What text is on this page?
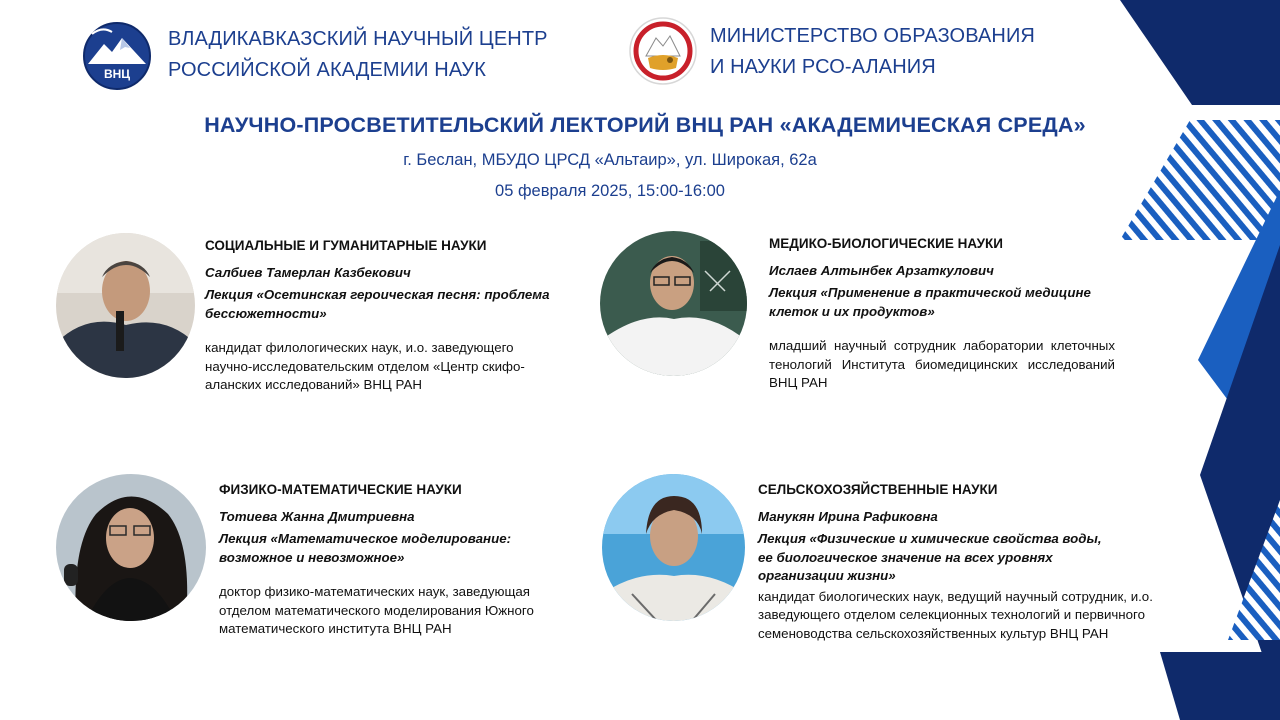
ВНЦ
ВЛАДИКАВКАЗСКИЙ НАУЧНЫЙ ЦЕНТР
РОССИЙСКОЙ АКАДЕМИИ НАУК
МИНИСТЕРСТВО ОБРАЗОВАНИЯ
И НАУКИ РСО-АЛАНИЯ
НАУЧНО-ПРОСВЕТИТЕЛЬСКИЙ ЛЕКТОРИЙ ВНЦ РАН «АКАДЕМИЧЕСКАЯ СРЕДА»
г. Беслан, МБУДО ЦРСД «Альтаир», ул. Широкая, 62а
05 февраля 2025, 15:00-16:00
СОЦИАЛЬНЫЕ И ГУМАНИТАРНЫЕ НАУКИ
Салбиев Тамерлан Казбекович
Лекция «Осетинская героическая песня: проблема бессюжетности»
кандидат филологических наук, и.о. заведующего научно-исследовательским отделом «Центр скифо-аланских исследований» ВНЦ РАН
МЕДИКО-БИОЛОГИЧЕСКИЕ НАУКИ
Ислаев Алтынбек Арзаткулович
Лекция «Применение в практической медицине клеток и их продуктов»
младший научный сотрудник лаборатории клеточных тенологий Института биомедицинских исследований ВНЦ РАН
ФИЗИКО-МАТЕМАТИЧЕСКИЕ НАУКИ
Тотиева Жанна Дмитриевна
Лекция «Математическое моделирование: возможное и невозможное»
доктор физико-математических наук, заведующая отделом математического моделирования Южного математического института ВНЦ РАН
СЕЛЬСКОХОЗЯЙСТВЕННЫЕ НАУКИ
Манукян Ирина Рафиковна
Лекция «Физические и химические свойства воды, ее биологическое значение на всех уровнях организации жизни»
кандидат биологических наук, ведущий научный сотрудник, и.о. заведующего отделом селекционных технологий и первичного семеноводства сельскохозяйственных культур ВНЦ РАН
